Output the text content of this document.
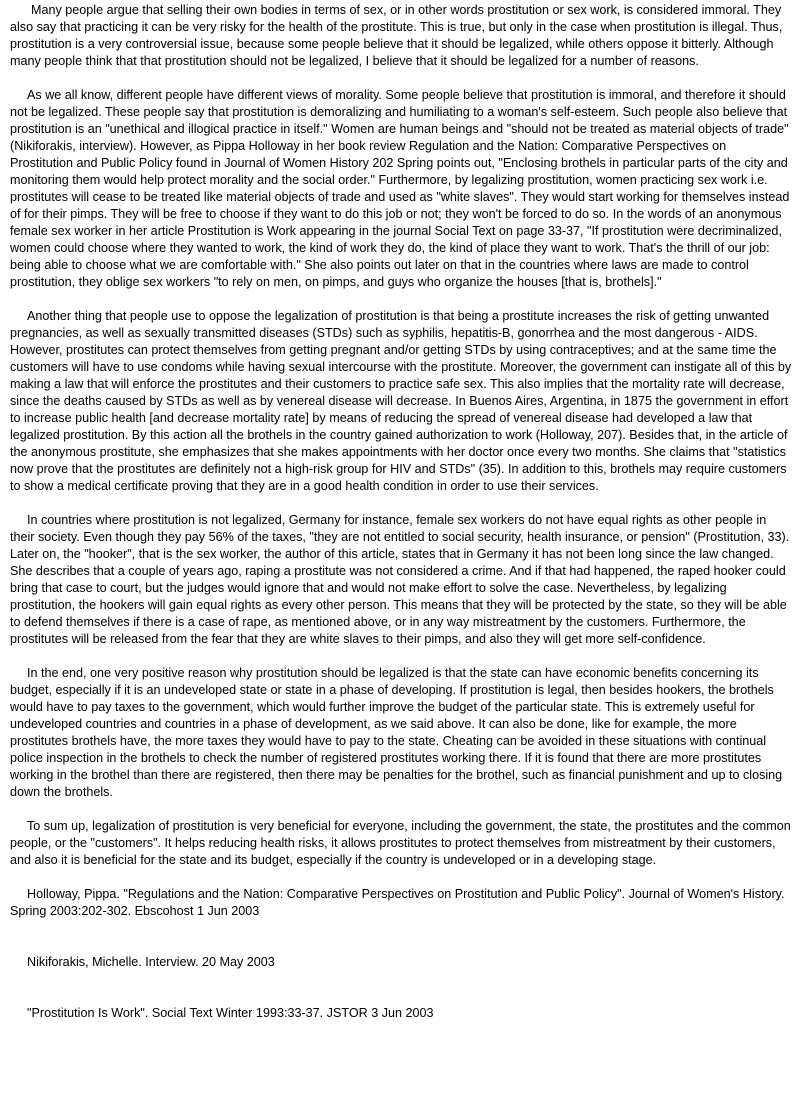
Many people argue that selling their own bodies in terms of sex, or in other words prostitution or sex work, is considered immoral. They also say that practicing it can be very risky for the health of the prostitute. This is true, but only in the case when prostitution is illegal. Thus, prostitution is a very controversial issue, because some people believe that it should be legalized, while others oppose it bitterly. Although many people think that that prostitution should not be legalized, I believe that it should be legalized for a number of reasons.

As we all know, different people have different views of morality. Some people believe that prostitution is immoral, and therefore it should not be legalized. These people say that prostitution is demoralizing and humiliating to a woman's self-esteem. Such people also believe that prostitution is an "unethical and illogical practice in itself." Women are human beings and "should not be treated as material objects of trade" (Nikiforakis, interview). However, as Pippa Holloway in her book review Regulation and the Nation: Comparative Perspectives on Prostitution and Public Policy found in Journal of Women History 202 Spring points out, "Enclosing brothels in particular parts of the city and monitoring them would help protect morality and the social order." Furthermore, by legalizing prostitution, women practicing sex work i.e. prostitutes will cease to be treated like material objects of trade and used as "white slaves". They would start working for themselves instead of for their pimps. They will be free to choose if they want to do this job or not; they won't be forced to do so. In the words of an anonymous female sex worker in her article Prostitution is Work appearing in the journal Social Text on page 33-37, "If prostitution were decriminalized, women could choose where they wanted to work, the kind of work they do, the kind of place they want to work. That's the thrill of our job: being able to choose what we are comfortable with." She also points out later on that in the countries where laws are made to control prostitution, they oblige sex workers "to rely on men, on pimps, and guys who organize the houses [that is, brothels]."

Another thing that people use to oppose the legalization of prostitution is that being a prostitute increases the risk of getting unwanted pregnancies, as well as sexually transmitted diseases (STDs) such as syphilis, hepatitis-B, gonorrhea and the most dangerous - AIDS. However, prostitutes can protect themselves from getting pregnant and/or getting STDs by using contraceptives; and at the same time the customers will have to use condoms while having sexual intercourse with the prostitute. Moreover, the government can instigate all of this by making a law that will enforce the prostitutes and their customers to practice safe sex. This also implies that the mortality rate will decrease, since the deaths caused by STDs as well as by venereal disease will decrease. In Buenos Aires, Argentina, in 1875 the government in effort to increase public health [and decrease mortality rate] by means of reducing the spread of venereal disease had developed a law that legalized prostitution. By this action all the brothels in the country gained authorization to work (Holloway, 207). Besides that, in the article of the anonymous prostitute, she emphasizes that she makes appointments with her doctor once every two months. She claims that "statistics now prove that the prostitutes are definitely not a high-risk group for HIV and STDs" (35). In addition to this, brothels may require customers to show a medical certificate proving that they are in a good health condition in order to use their services.

In countries where prostitution is not legalized, Germany for instance, female sex workers do not have equal rights as other people in their society. Even though they pay 56% of the taxes, "they are not entitled to social security, health insurance, or pension" (Prostitution, 33). Later on, the "hooker", that is the sex worker, the author of this article, states that in Germany it has not been long since the law changed. She describes that a couple of years ago, raping a prostitute was not considered a crime. And if that had happened, the raped hooker could bring that case to court, but the judges would ignore that and would not make effort to solve the case. Nevertheless, by legalizing prostitution, the hookers will gain equal rights as every other person. This means that they will be protected by the state, so they will be able to defend themselves if there is a case of rape, as mentioned above, or in any way mistreatment by the customers. Furthermore, the prostitutes will be released from the fear that they are white slaves to their pimps, and also they will get more self-confidence.

In the end, one very positive reason why prostitution should be legalized is that the state can have economic benefits concerning its budget, especially if it is an undeveloped state or state in a phase of developing. If prostitution is legal, then besides hookers, the brothels would have to pay taxes to the government, which would further improve the budget of the particular state. This is extremely useful for undeveloped countries and countries in a phase of development, as we said above. It can also be done, like for example, the more prostitutes brothels have, the more taxes they would have to pay to the state. Cheating can be avoided in these situations with continual police inspection in the brothels to check the number of registered prostitutes working there. If it is found that there are more prostitutes working in the brothel than there are registered, then there may be penalties for the brothel, such as financial punishment and up to closing down the brothels.

To sum up, legalization of prostitution is very beneficial for everyone, including the government, the state, the prostitutes and the common people, or the "customers". It helps reducing health risks, it allows prostitutes to protect themselves from mistreatment by their customers, and also it is beneficial for the state and its budget, especially if the country is undeveloped or in a developing stage.

Holloway, Pippa. "Regulations and the Nation: Comparative Perspectives on Prostitution and Public Policy". Journal of Women's History. Spring 2003:202-302. Ebscohost 1 Jun 2003

Nikiforakis, Michelle. Interview. 20 May 2003

"Prostitution Is Work". Social Text Winter 1993:33-37. JSTOR 3 Jun 2003
